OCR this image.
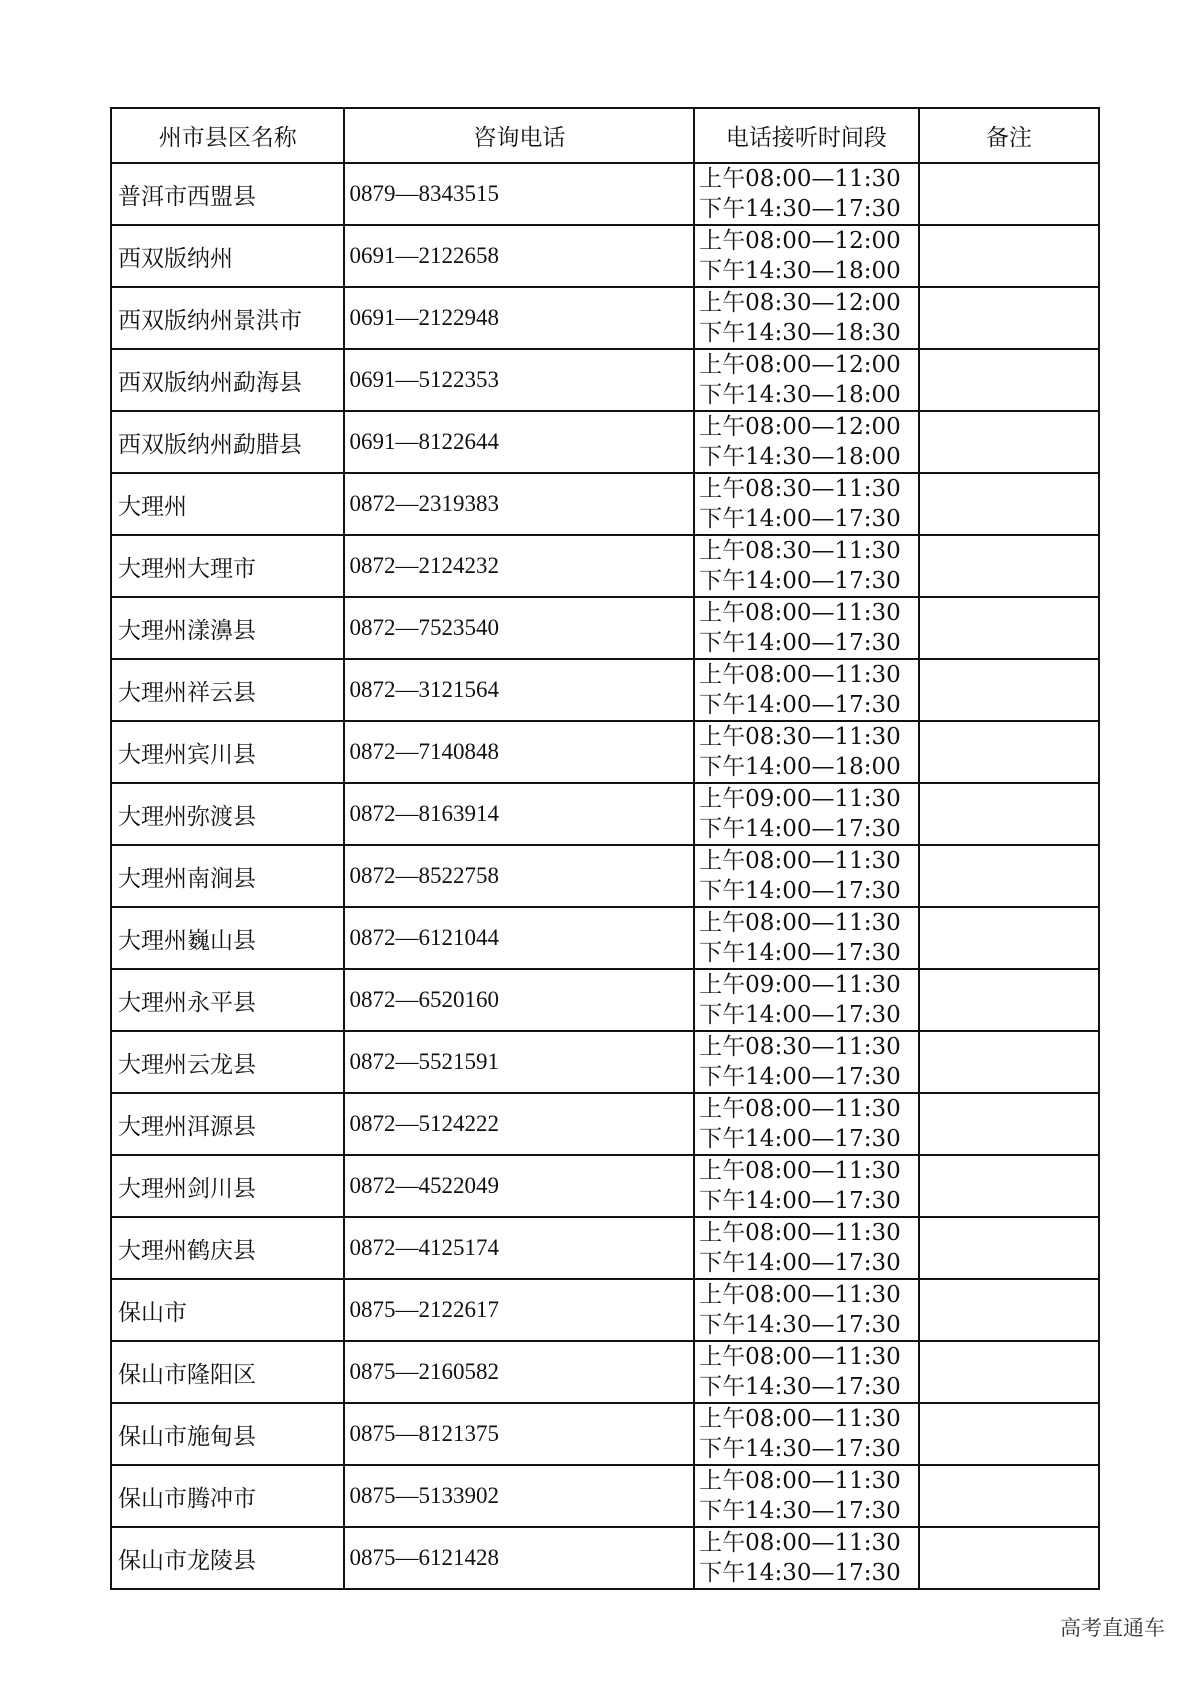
州市县区名称	咨询电话	电话接听时间段	备注
普洱市西盟县	0879—8343515	上午08:00—11:30
下午14:30—17:30	

西双版纳州	0691—2122658	上午08:00—12:00
下午14:30—18:00	

西双版纳州景洪市	0691—2122948	上午08:30—12:00
下午14:30—18:30	

西双版纳州勐海县	0691—5122353	上午08:00—12:00
下午14:30—18:00	

西双版纳州勐腊县	0691—8122644	上午08:00—12:00
下午14:30—18:00	

大理州	0872—2319383	上午08:30—11:30
下午14:00—17:30	

大理州大理市	0872—2124232	上午08:30—11:30
下午14:00—17:30	

大理州漾濞县	0872—7523540	上午08:00—11:30
下午14:00—17:30	

大理州祥云县	0872—3121564	上午08:00—11:30
下午14:00—17:30	

大理州宾川县	0872—7140848	上午08:30—11:30
下午14:00—18:00	

大理州弥渡县	0872—8163914	上午09:00—11:30
下午14:00—17:30	

大理州南涧县	0872—8522758	上午08:00—11:30
下午14:00—17:30	

大理州巍山县	0872—6121044	上午08:00—11:30
下午14:00—17:30	

大理州永平县	0872—6520160	上午09:00—11:30
下午14:00—17:30	

大理州云龙县	0872—5521591	上午08:30—11:30
下午14:00—17:30	

大理州洱源县	0872—5124222	上午08:00—11:30
下午14:00—17:30	

大理州剑川县	0872—4522049	上午08:00—11:30
下午14:00—17:30	

大理州鹤庆县	0872—4125174	上午08:00—11:30
下午14:00—17:30	

保山市	0875—2122617	上午08:00—11:30
下午14:30—17:30	

保山市隆阳区	0875—2160582	上午08:00—11:30
下午14:30—17:30	

保山市施甸县	0875—8121375	上午08:00—11:30
下午14:30—17:30	

保山市腾冲市	0875—5133902	上午08:00—11:30
下午14:30—17:30	

保山市龙陵县	0875—6121428	上午08:00—11:30
下午14:30—17:30	

高考直通车
